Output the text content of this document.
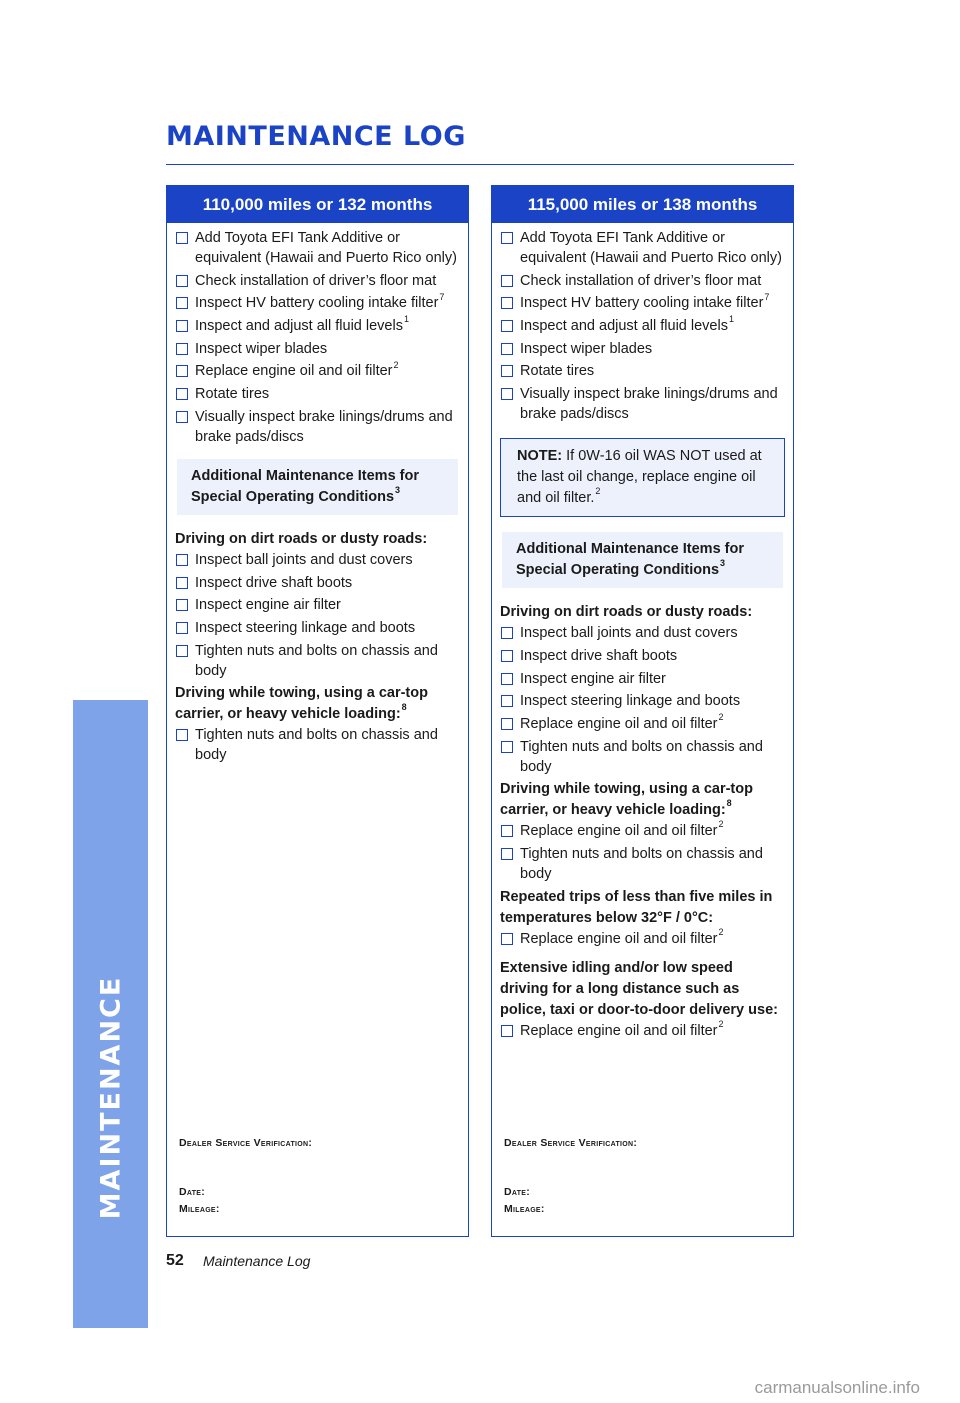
MAINTENANCE
MAINTENANCE LOG
110,000 miles or 132 months
Add Toyota EFI Tank Additive or equivalent (Hawaii and Puerto Rico only)
Check installation of driver’s floor mat
Inspect HV battery cooling intake filter$^7$
Inspect and adjust all fluid levels$^1$
Inspect wiper blades
Replace engine oil and oil filter$^2$
Rotate tires
Visually inspect brake linings/drums and brake pads/discs
Additional Maintenance Items for Special Operating Conditions$^3$
Driving on dirt roads or dusty roads:
Inspect ball joints and dust covers
Inspect drive shaft boots
Inspect engine air filter
Inspect steering linkage and boots
Tighten nuts and bolts on chassis and body
Driving while towing, using a car-top carrier, or heavy vehicle loading:$^8$
Tighten nuts and bolts on chassis and body
Dealer Service Verification:
Date:
Mileage:
115,000 miles or 138 months
Add Toyota EFI Tank Additive or equivalent (Hawaii and Puerto Rico only)
Check installation of driver’s floor mat
Inspect HV battery cooling intake filter$^7$
Inspect and adjust all fluid levels$^1$
Inspect wiper blades
Rotate tires
Visually inspect brake linings/drums and brake pads/discs
NOTE: If 0W-16 oil WAS NOT used at the last oil change, replace engine oil and oil filter.$^2$
Additional Maintenance Items for Special Operating Conditions$^3$
Driving on dirt roads or dusty roads:
Inspect ball joints and dust covers
Inspect drive shaft boots
Inspect engine air filter
Inspect steering linkage and boots
Replace engine oil and oil filter$^2$
Tighten nuts and bolts on chassis and body
Driving while towing, using a car-top carrier, or heavy vehicle loading:$^8$
Replace engine oil and oil filter$^2$
Tighten nuts and bolts on chassis and body
Repeated trips of less than five miles in temperatures below 32°F / 0°C:
Replace engine oil and oil filter$^2$
Extensive idling and/or low speed driving for a long distance such as police, taxi or door-to-door delivery use:
Replace engine oil and oil filter$^2$
Dealer Service Verification:
Date:
Mileage:
52 Maintenance Log
carmanualsonline.info
